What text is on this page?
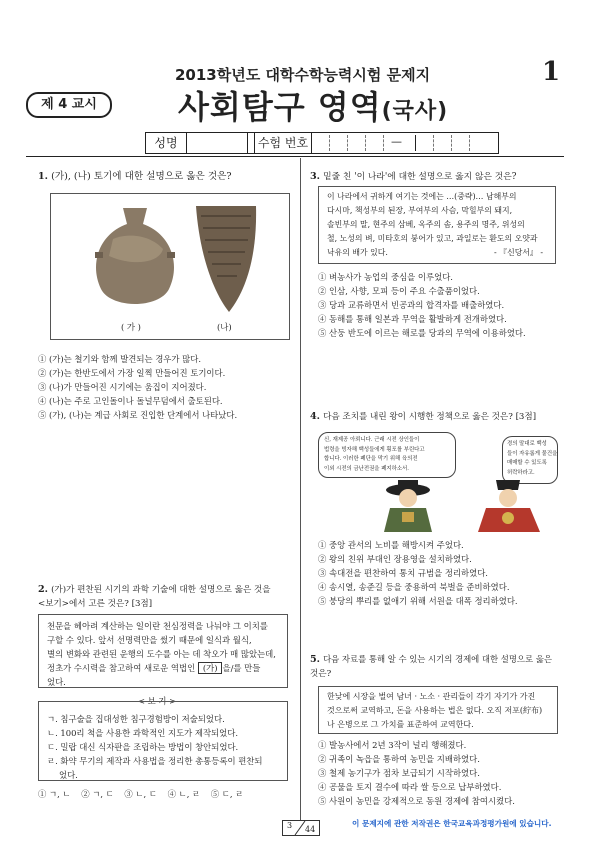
2013학년도 대학수학능력시험 문제지	1
제 4 교시	사회탐구 영역(국사)
성명	수험 번호	—
1. (가), (나) 토기에 대한 설명으로 옳은 것은?
( 가 )	(나)
① (가)는 철기와 함께 발견되는 경우가 많다.
② (가)는 한반도에서 가장 일찍 만들어진 토기이다.
③ (나)가 만들어진 시기에는 움집이 지어졌다.
④ (나)는 주로 고인돌이나 돌널무덤에서 출토된다.
⑤ (가), (나)는 계급 사회로 진입한 단계에서 나타났다.
2. (가)가 편찬된 시기의 과학 기술에 대한 설명으로 옳은 것을
<보기>에서 고른 것은? [3점]
천문을 헤아려 계산하는 일이란 천심정력을 나눠야 그 이치를
구할 수 있다. 앞서 선명력만을 썼기 때문에 일식과 월식,
별의 변화와 관련된 운행의 도수를 아는 데 착오가 매 많았는데,
정초가 수시력을 참고하여 새로운 역법인 (가) 을/를 만들
었다.
< 보 기 >
ㄱ. 침구술을 집대성한 침구경험방이 저술되었다.
ㄴ. 100리 척을 사용한 과학적인 지도가 제작되었다.
ㄷ. 밀랍 대신 식자판을 조립하는 방법이 창안되었다.
ㄹ. 화약 무기의 제작과 사용법을 정리한 총통등록이 편찬되
었다.
① ㄱ, ㄴ    ② ㄱ, ㄷ    ③ ㄴ, ㄷ    ④ ㄴ, ㄹ    ⑤ ㄷ, ㄹ
3. 밑줄 친 '이 나라'에 대한 설명으로 옳지 않은 것은?
이 나라에서 귀하게 여기는 것에는 …(중략)… 남해부의
다시마, 책성부의 된장, 부여부의 사슴, 막힐부의 돼지,
솔빈부의 말, 현주의 삼베, 옥주의 솜, 용주의 명주, 위성의
철, 노성의 벼, 미타호의 붕어가 있고, 과일로는 환도의 오얏과
낙유의 배가 있다.	- 『신당서』 -
① 벼농사가 농업의 중심을 이루었다.
② 인삼, 사향, 모피 등이 주요 수출품이었다.
③ 당과 교류하면서 빈공과의 합격자를 배출하였다.
④ 동해를 통해 일본과 무역을 활발하게 전개하였다.
⑤ 산둥 반도에 이르는 해로를 당과의 무역에 이용하였다.
4. 다음 조치를 내린 왕이 시행한 정책으로 옳은 것은? [3점]
신, 재제공 아뢰니다. 근래 시전 상인들이
법령을 빙자해 백성들에게 횡포를 부린다고
합니다. 이러한 폐단을 막기 위해 육의전
이외 시전의 금난전권을 폐지하소서.
경의 말대로 백성
들이 자유롭게 물건을
매매할 수 있도록
허락하라고.
① 중앙 관서의 노비를 해방시켜 주었다.
② 왕의 친위 부대인 장용영을 설치하였다.
③ 속대전을 편찬하여 통치 규범을 정리하였다.
④ 송시열, 송준길 등을 중용하여 북벌을 준비하였다.
⑤ 붕당의 뿌리를 없애기 위해 서원을 대폭 정리하였다.
5. 다음 자료를 통해 알 수 있는 시기의 경제에 대한 설명으로 옳은
것은?
한낮에 시장을 벌여 남녀 · 노소 · 관리들이 각기 자기가 가진
것으로써 교역하고, 돈을 사용하는 법은 없다. 오직 저포(紵布)
나 은병으로 그 가치를 표준하여 교역한다.
① 발농사에서 2년 3작이 널리 행해졌다.
② 귀족이 녹읍을 통하여 농민을 지배하였다.
③ 철제 농기구가 점차 보급되기 시작하였다.
④ 공물을 토지 결수에 따라 쌀 등으로 납부하였다.
⑤ 사원이 농민을 강제적으로 동원 경제에 참여시켰다.
3 44
이 문제지에 관한 저작권은 한국교육과정평가원에 있습니다.
